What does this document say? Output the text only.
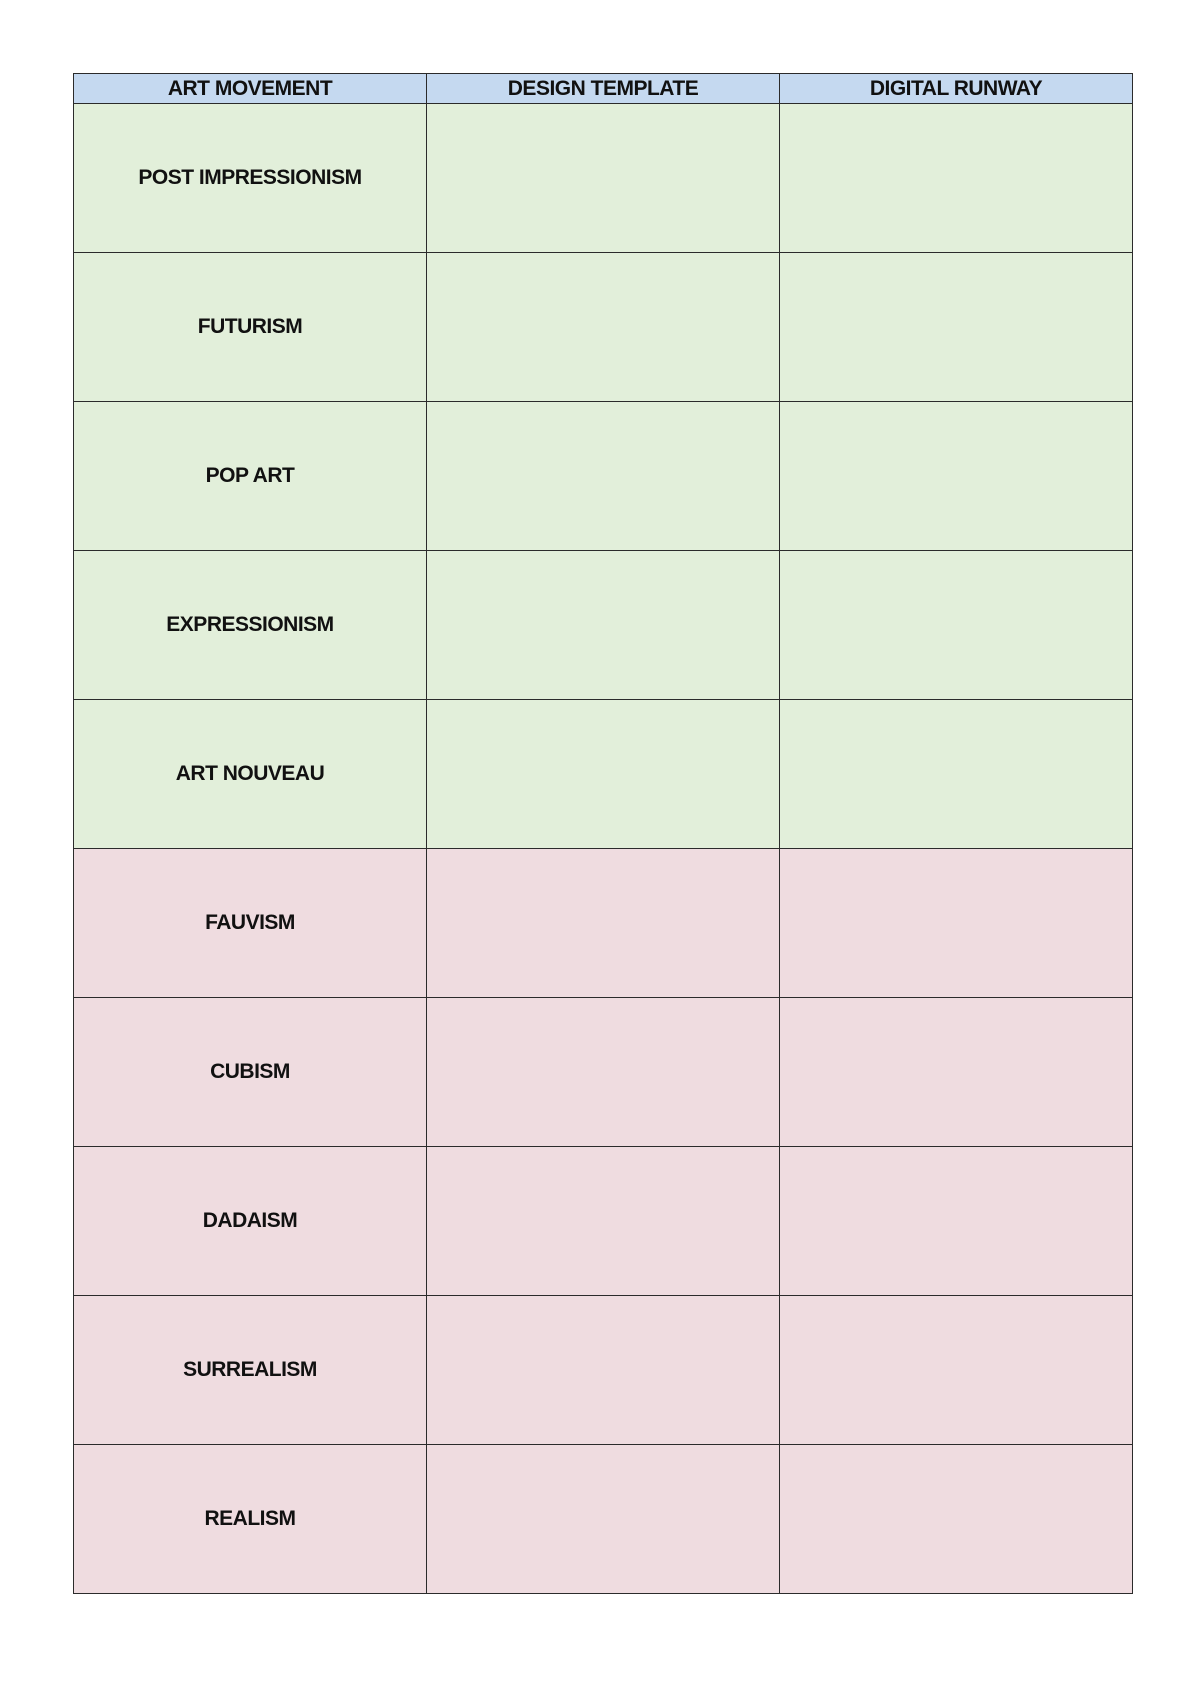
ART MOVEMENT	DESIGN TEMPLATE	DIGITAL RUNWAY
POST IMPRESSIONISM		
FUTURISM		
POP ART		
EXPRESSIONISM		
ART NOUVEAU		
FAUVISM		
CUBISM		
DADAISM		
SURREALISM		
REALISM		
